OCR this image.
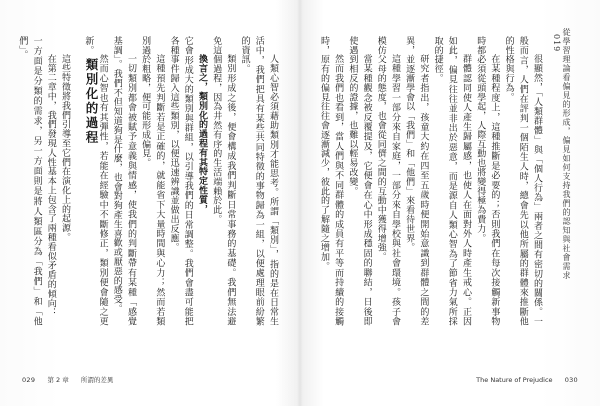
這些特徵將我們引導至它們在演化上的起源。

在第二章中，我們發現人性基本上包含了兩種看似矛盾的傾向：

一方面是分類的需求，另一方面則是將人類區分為「我們」和「他們」。

類別化的過程	人類心智必須藉助類別才能思考。所謂「類別」，指的是在日常生活中，我們把具有某些共同特徵的事物歸為一組，以便處理眼前紛繁的資訊。

類別形成之後，便會構成我們判斷日常事務的基礎。我們無法避免這個過程，因為井然有序的生活端賴於此。

換言之，類別化的過程有其特定性質，

它會形成大的類別與群組，以引導我們的日常調整。我們會盡可能把各種事件歸入這些類別，以便迅速辨識並做出反應。

這種預先判斷若是正確的，就能省下大量時間與心力；然而若類別過於粗略，便可能形成偏見。

一切類別都會被賦予意義與情感，使我們的判斷帶有某種「感覺基調」。我們不但知道狗是什麼，也會對狗產生喜歡或厭惡的感受。

然而心智也有其彈性，若能在經驗中不斷修正，類別便會隨之更新。

029 第 2 章 所謂的差異
從學習理論看偏見的形成，偏見如何支持我們的認知與社會需求
019

很顯然，「人類群體」與「個人行為」兩者之間有密切的關係。一般而言，人們在評判一個陌生人時，總會先以他所屬的群體來推斷他的性格與行為。

在某種程度上，這種推斷是必要的；否則我們在每次接觸新事物時都必須從頭學起，人際互動也將變得極為費力。

群體認同使人產生歸屬感，也使人在面對外人時產生戒心。正因如此，偏見往往並非出於惡意，而是源自人類心智為了節省力氣所採取的捷徑。

研究者指出，孩童大約在四至五歲時便開始意識到群體之間的差異，並逐漸學會以「我們」和「他們」來看待世界。

這種學習一部分來自家庭，一部分來自學校與社會環境。孩子會模仿父母的態度，也會從同儕之間的互動中獲得增強。

當某種觀念被反覆提及，它便會在心中形成穩固的聯結，日後即使遇到相反的證據，也難以輕易改變。

然而我們也看到，當人們與不同群體的成員有平等而持續的接觸時，原有的偏見往往會逐漸減少，彼此的了解隨之增加。

The Nature of Prejudice 030
